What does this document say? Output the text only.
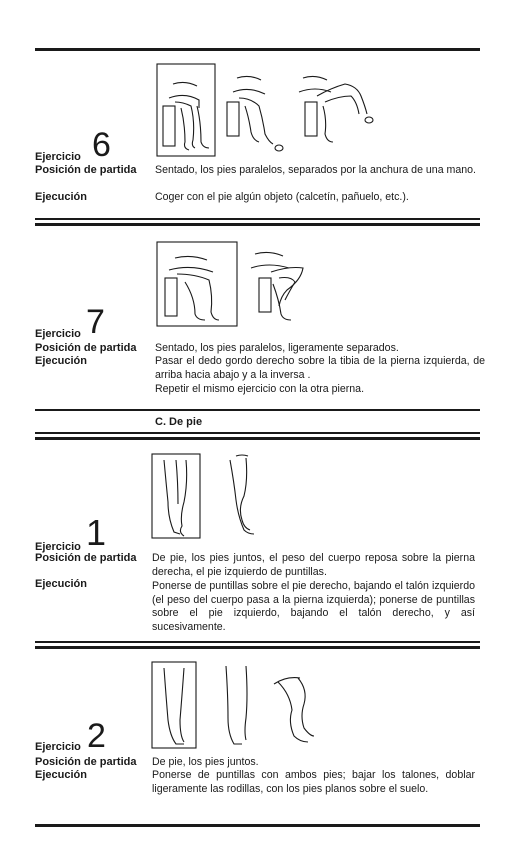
Ejercicio 6
Posición de partida Sentado, los pies paralelos, separados por la anchura de una mano.
Ejecución	Coger con el pie algún objeto (calcetín, pañuelo, etc.).
Ejercicio 7
Posición de partida Sentado, los pies paralelos, ligeramente separados.
Ejecución	Pasar el dedo gordo derecho sobre la tibia de la pierna izquierda, de arriba hacia abajo y a la inversa .
Repetir el mismo ejercicio con la otra pierna.
C. De pie
Ejercicio 1
Posición de partida De pie, los pies juntos, el peso del cuerpo reposa sobre la pierna derecha, el pie izquierdo de puntillas.
Ejecución	Ponerse de puntillas sobre el pie derecho, bajando el talón izquierdo (el peso del cuerpo pasa a la pierna izquierda); ponerse de puntillas sobre el pie izquierdo, bajando el talón derecho, y así sucesivamente.
Ejercicio 2
Posición de partida De pie, los pies juntos.
Ejecución	Ponerse de puntillas con ambos pies; bajar los talones, doblar ligeramente las rodillas, con los pies planos sobre el suelo.
